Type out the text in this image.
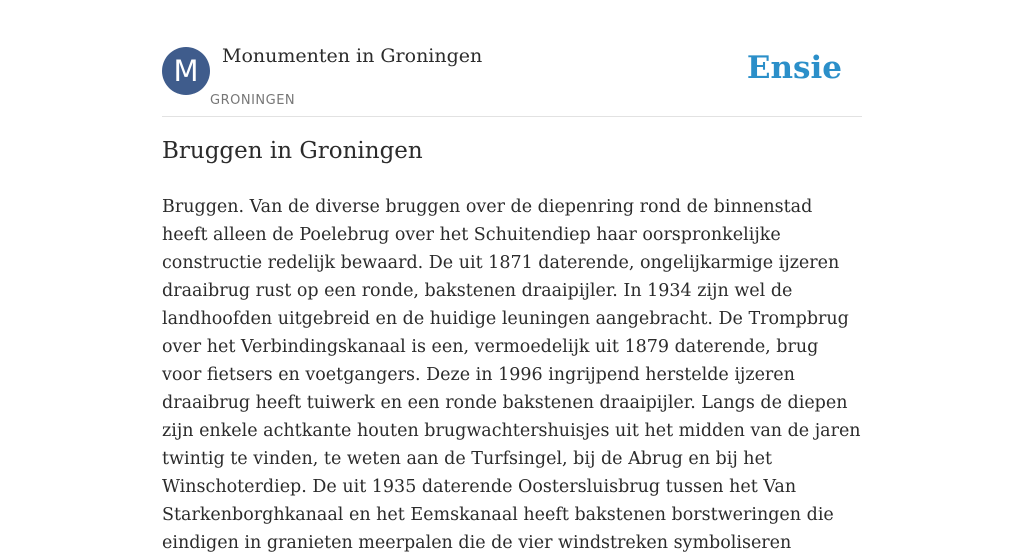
M	Monumenten in Groningen
GRONINGEN
Ensie
Bruggen in Groningen

Bruggen. Van de diverse bruggen over de diepenring rond de binnenstad heeft alleen de Poelebrug over het Schuitendiep haar oorspronkelijke constructie redelijk bewaard. De uit 1871 daterende, ongelijkarmige ijzeren draaibrug rust op een ronde, bakstenen draaipijler. In 1934 zijn wel de landhoofden uitgebreid en de huidige leuningen aangebracht. De Trompbrug over het Verbindingskanaal is een, vermoedelijk uit 1879 daterende, brug voor fietsers en voetgangers. Deze in 1996 ingrijpend herstelde ijzeren draaibrug heeft tuiwerk en een ronde bakstenen draaipijler. Langs de diepen zijn enkele achtkante houten brugwachtershuisjes uit het midden van de jaren twintig te vinden, te weten aan de Turfsingel, bij de Abrug en bij het Winschoterdiep. De uit 1935 daterende Oostersluisbrug tussen het Van Starkenborghkanaal en het Eemskanaal heeft bakstenen borstweringen die eindigen in granieten meerpalen die de vier windstreken symboliseren
